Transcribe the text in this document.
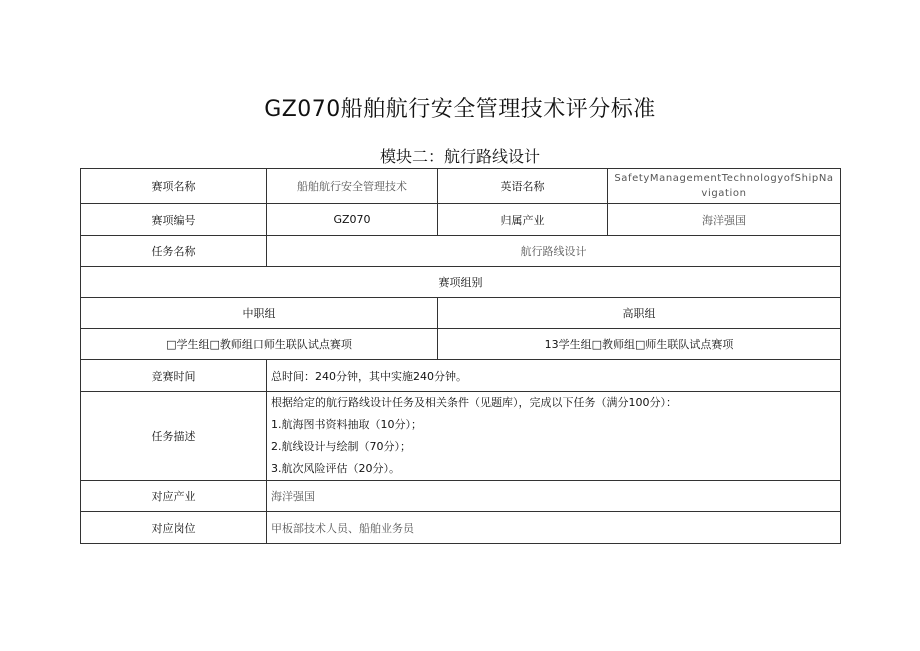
GZ070船舶航行安全管理技术评分标准
模块二：航行路线设计
赛项名称	船舶航行安全管理技术	英语名称	SafetyManagementTechnologyofShipNavigation
赛项编号	GZ070	归属产业	海洋强国
任务名称	航行路线设计		
赛项组别			
中职组		高职组	
□学生组□教师组口师生联队试点赛项		13学生组□教师组□师生联队试点赛项	
竞赛时间	总时间：240分钟，其中实施240分钟。		
任务描述	根据给定的航行路线设计任务及相关条件（见题库），完成以下任务（满分100分）：
1.航海图书资料抽取（10分）；
2.航线设计与绘制（70分）；
3.航次风险评估（20分）。		

对应产业	海洋强国		
对应岗位	甲板部技术人员、船舶业务员		
